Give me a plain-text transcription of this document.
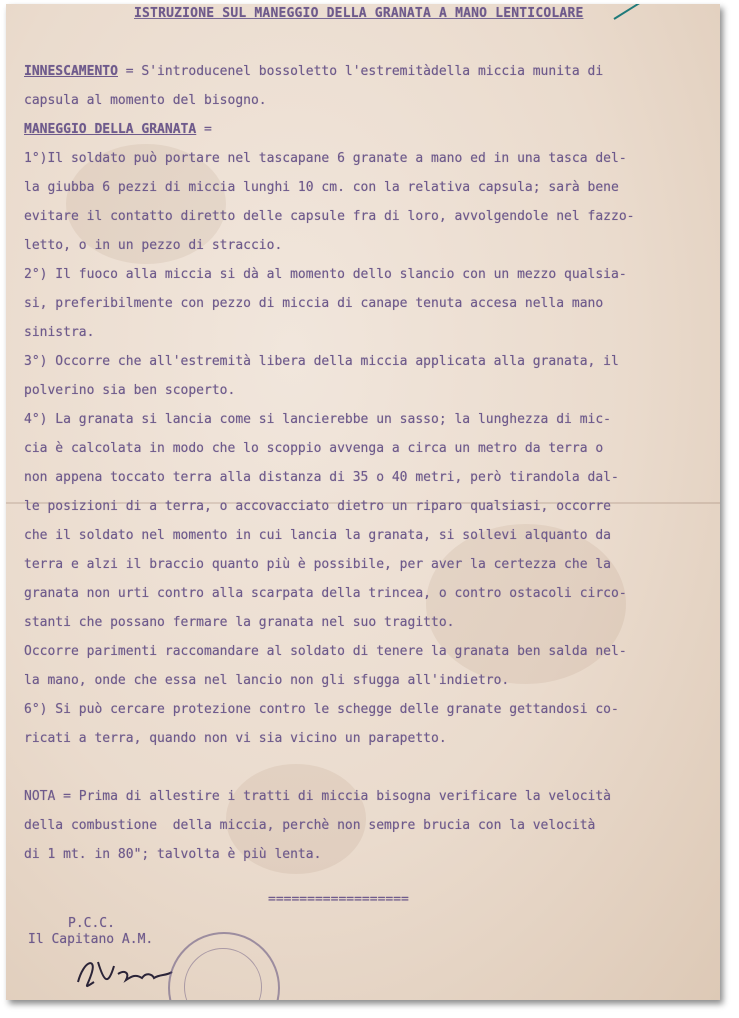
ISTRUZIONE SUL MANEGGIO DELLA GRANATA A MANO LENTICOLARE
INNESCAMENTO = S'introducenel bossoletto l'estremitàdella miccia munita di
capsula al momento del bisogno.
MANEGGIO DELLA GRANATA =
1°)Il soldato può portare nel tascapane 6 granate a mano ed in una tasca del-
la giubba 6 pezzi di miccia lunghi 10 cm. con la relativa capsula; sarà bene
evitare il contatto diretto delle capsule fra di loro, avvolgendole nel fazzo-
letto, o in un pezzo di straccio.
2°) Il fuoco alla miccia si dà al momento dello slancio con un mezzo qualsia-
si, preferibilmente con pezzo di miccia di canape tenuta accesa nella mano
sinistra.
3°) Occorre che all'estremità libera della miccia applicata alla granata, il
polverino sia ben scoperto.
4°) La granata si lancia come si lancierebbe un sasso; la lunghezza di mic-
cia è calcolata in modo che lo scoppio avvenga a circa un metro da terra o
non appena toccato terra alla distanza di 35 o 40 metri, però tirandola dal-
le posizioni di a terra, o accovacciato dietro un riparo qualsiasi, occorre
che il soldato nel momento in cui lancia la granata, si sollevi alquanto da
terra e alzi il braccio quanto più è possibile, per aver la certezza che la
granata non urti contro alla scarpata della trincea, o contro ostacoli circo-
stanti che possano fermare la granata nel suo tragitto.
Occorre parimenti raccomandare al soldato di tenere la granata ben salda nel-
la mano, onde che essa nel lancio non gli sfugga all'indietro.
6°) Si può cercare protezione contro le schegge delle granate gettandosi co-
ricati a terra, quando non vi sia vicino un parapetto.
NOTA = Prima di allestire i tratti di miccia bisogna verificare la velocità
della combustione  della miccia, perchè non sempre brucia con la velocità
di 1 mt. in 80"; talvolta è più lenta.
==================
P.C.C.
Il Capitano A.M.
